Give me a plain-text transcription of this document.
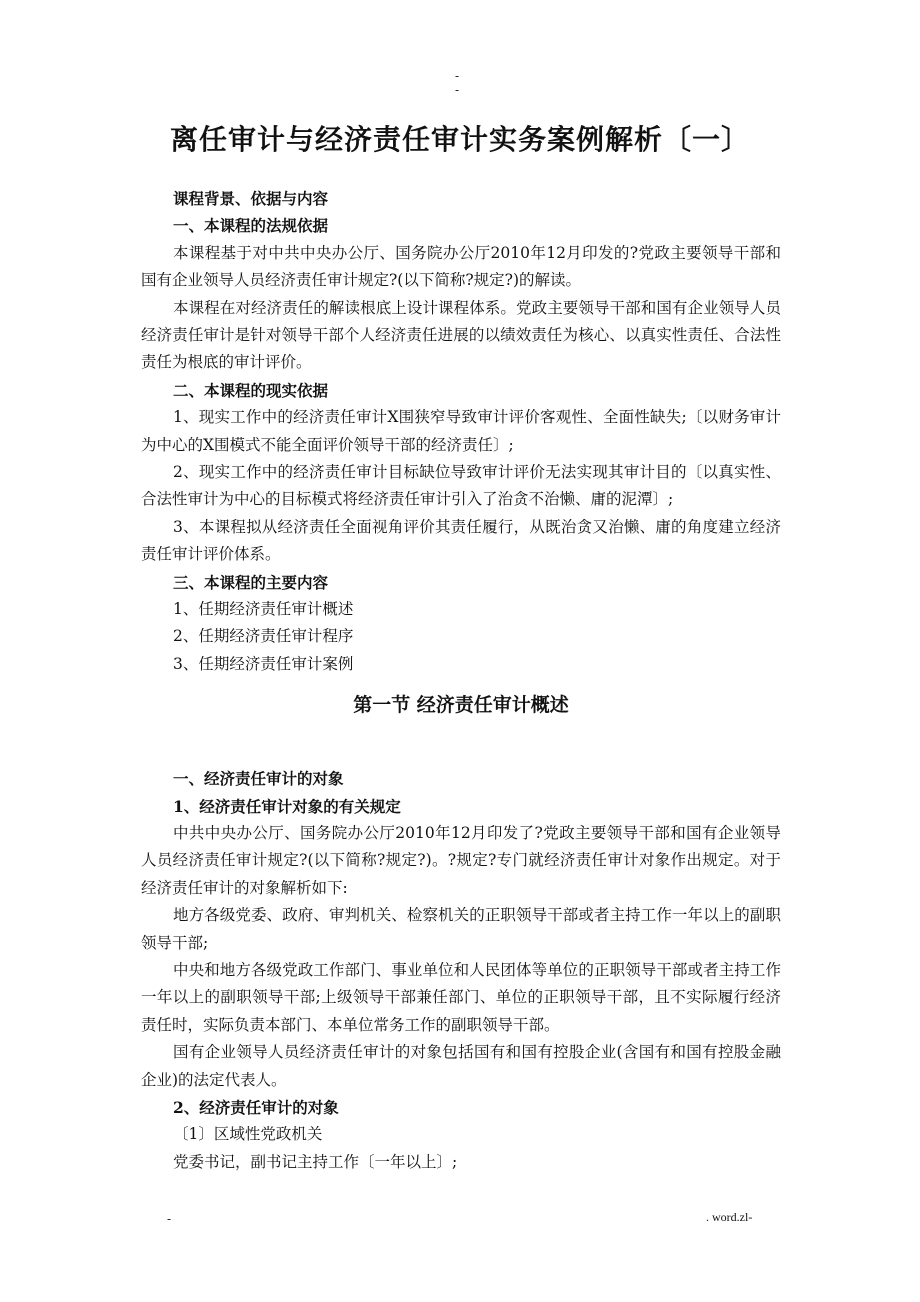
-
-
离任审计与经济责任审计实务案例解析〔一〕
课程背景、依据与内容
一、本课程的法规依据
本课程基于对中共中央办公厅、国务院办公厅2010年12月印发的?党政主要领导干部和国有企业领导人员经济责任审计规定?(以下简称?规定?)的解读。
本课程在对经济责任的解读根底上设计课程体系。党政主要领导干部和国有企业领导人员经济责任审计是针对领导干部个人经济责任进展的以绩效责任为核心、以真实性责任、合法性责任为根底的审计评价。
二、本课程的现实依据
1、现实工作中的经济责任审计X围狭窄导致审计评价客观性、全面性缺失;〔以财务审计为中心的X围模式不能全面评价领导干部的经济责任〕;
2、现实工作中的经济责任审计目标缺位导致审计评价无法实现其审计目的〔以真实性、合法性审计为中心的目标模式将经济责任审计引入了治贪不治懒、庸的泥潭〕;
3、本课程拟从经济责任全面视角评价其责任履行，从既治贪又治懒、庸的角度建立经济责任审计评价体系。
三、本课程的主要内容
1、任期经济责任审计概述
2、任期经济责任审计程序
3、任期经济责任审计案例
第一节 经济责任审计概述
一、经济责任审计的对象
1、经济责任审计对象的有关规定
中共中央办公厅、国务院办公厅2010年12月印发了?党政主要领导干部和国有企业领导人员经济责任审计规定?(以下简称?规定?)。?规定?专门就经济责任审计对象作出规定。对于经济责任审计的对象解析如下:
地方各级党委、政府、审判机关、检察机关的正职领导干部或者主持工作一年以上的副职领导干部;
中央和地方各级党政工作部门、事业单位和人民团体等单位的正职领导干部或者主持工作一年以上的副职领导干部;上级领导干部兼任部门、单位的正职领导干部，且不实际履行经济责任时，实际负责本部门、本单位常务工作的副职领导干部。
国有企业领导人员经济责任审计的对象包括国有和国有控股企业(含国有和国有控股金融企业)的法定代表人。
2、经济责任审计的对象
〔1〕区域性党政机关
党委书记，副书记主持工作〔一年以上〕;
-	. word.zl-
